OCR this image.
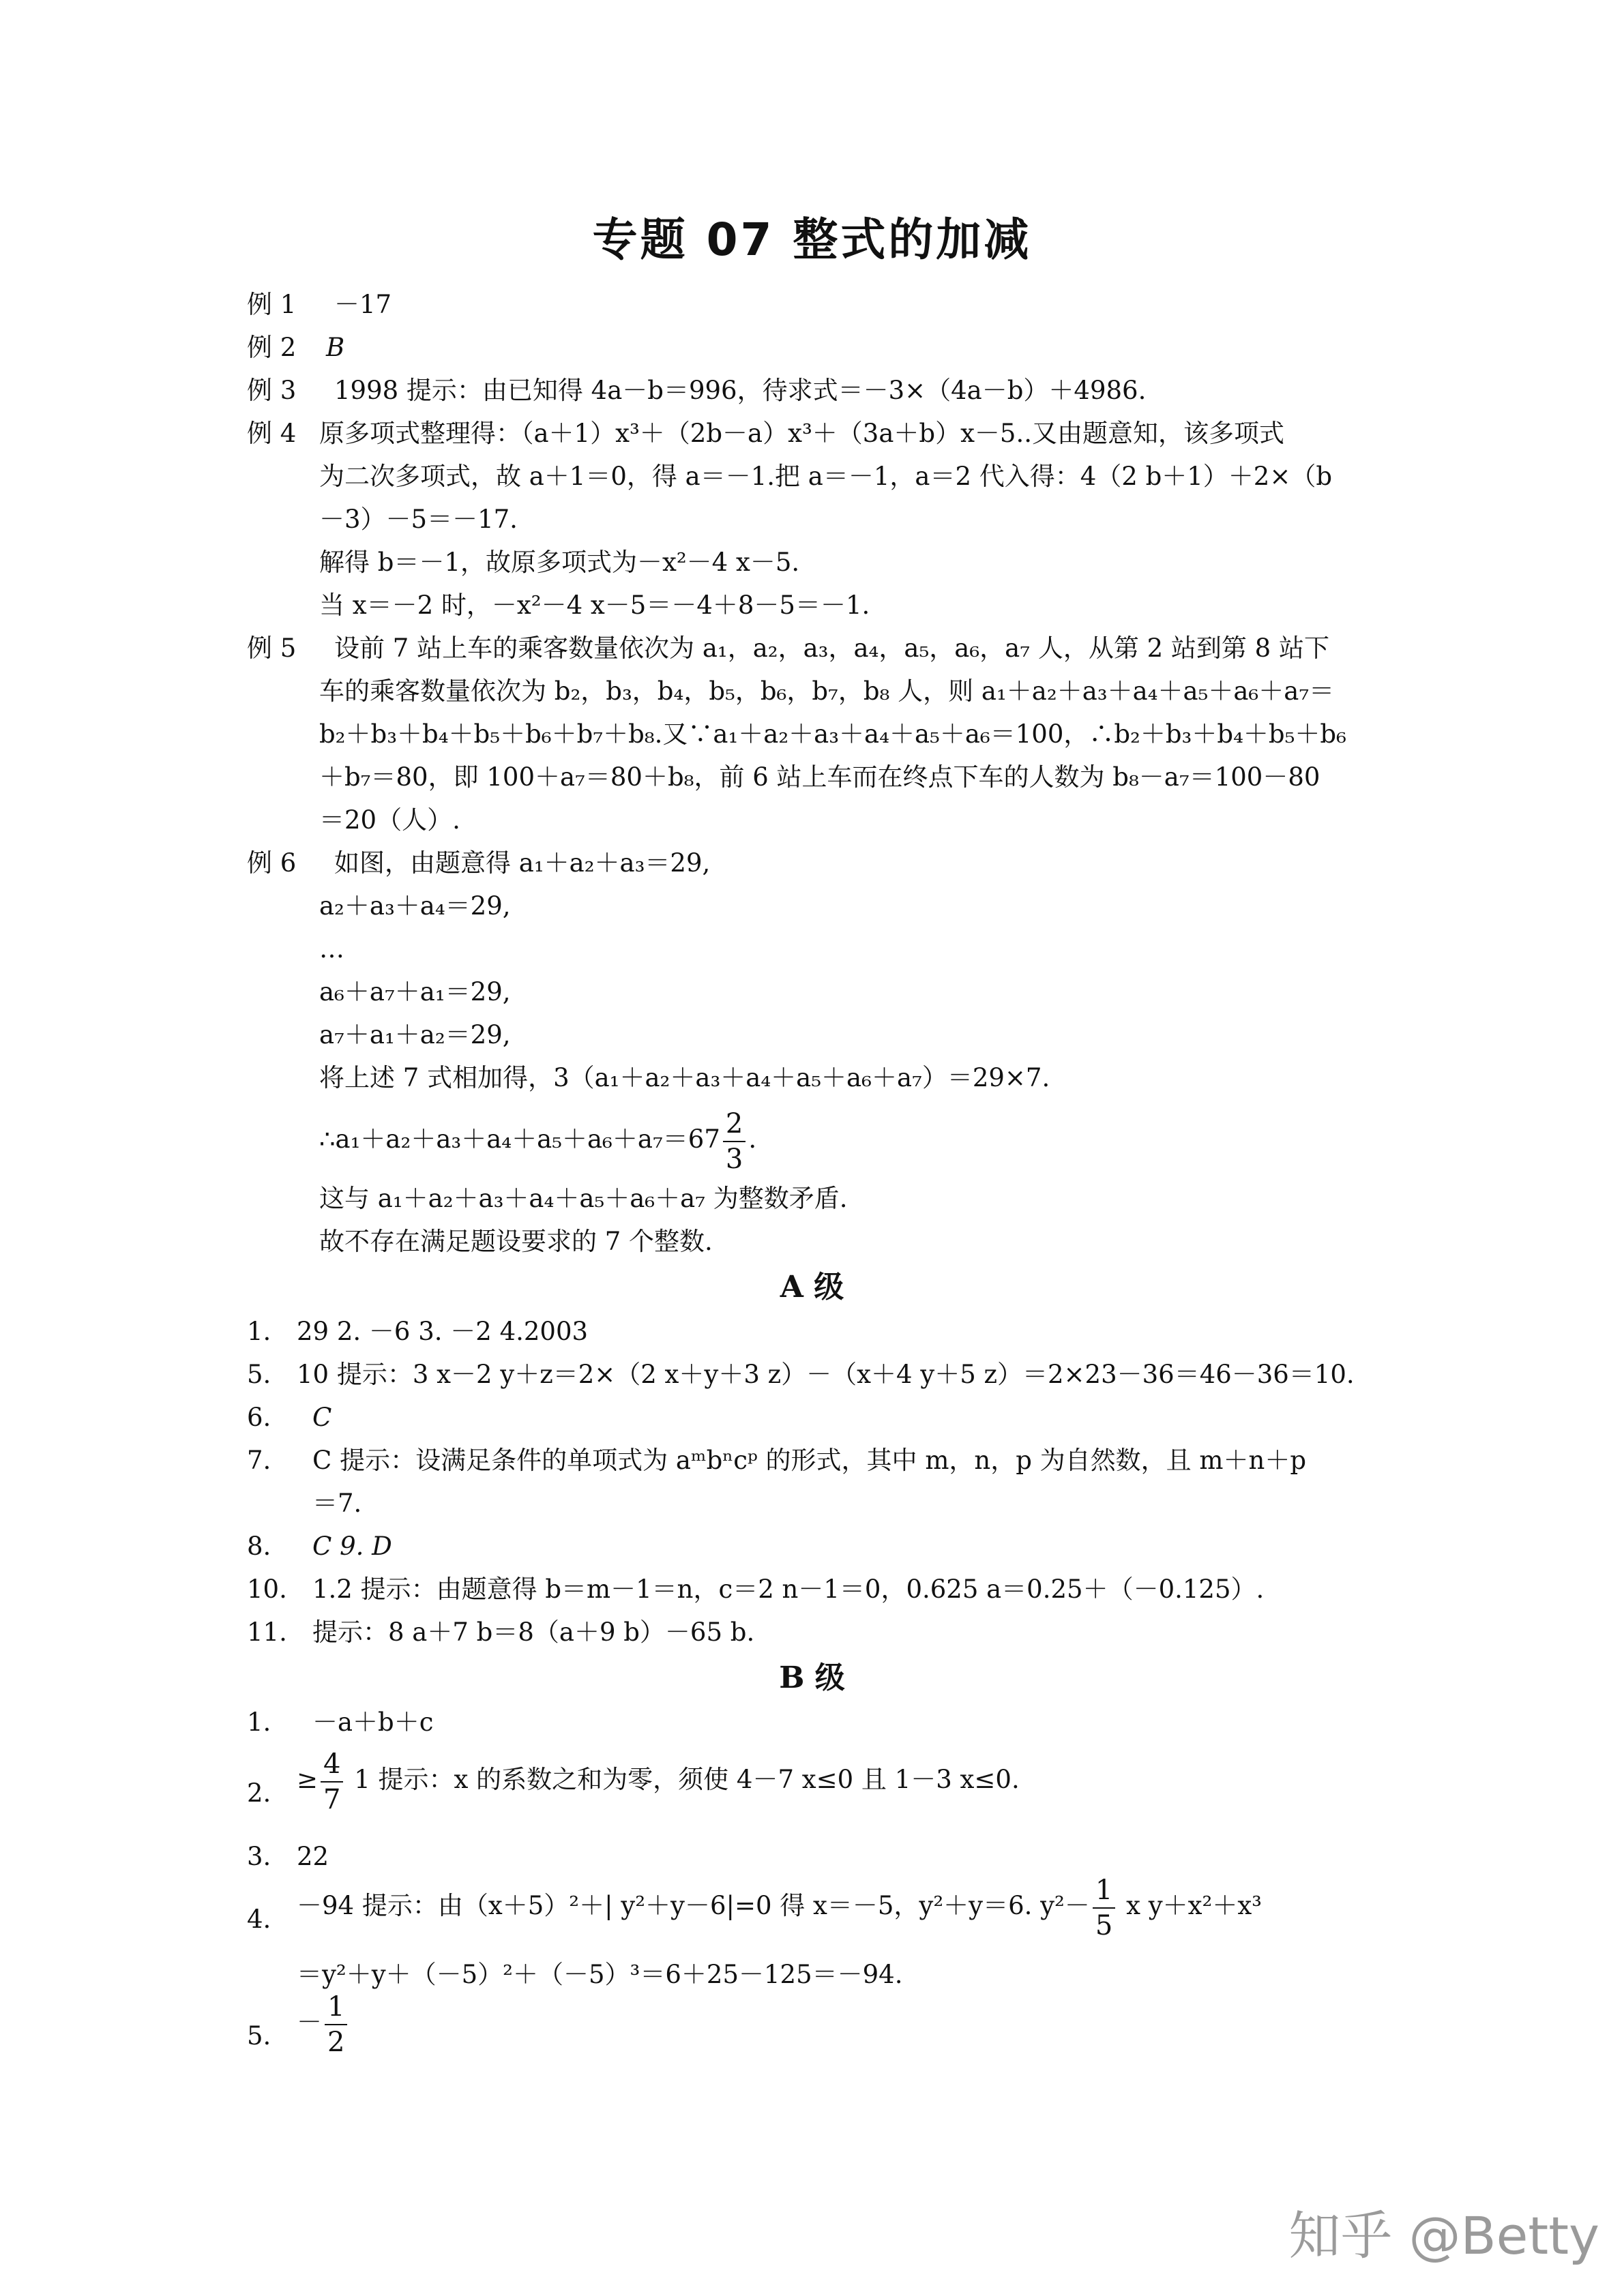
专题 07 整式的加减
例 1 －17
例 2 B
例 3 1998 提示：由已知得 4a－b＝996，待求式＝－3×（4a－b）＋4986.
例 4 原多项式整理得：（a＋1）x³＋（2b－a）x³＋（3a＋b）x－5..又由题意知，该多项式
为二次多项式，故 a＋1＝0，得 a＝－1.把 a＝－1，a＝2 代入得：4（2 b＋1）＋2×（b
－3）－5＝－17.
解得 b＝－1，故原多项式为－x²－4 x－5.
当 x＝－2 时，－x²－4 x－5＝－4＋8－5＝－1.
例 5 设前 7 站上车的乘客数量依次为 a₁，a₂，a₃，a₄，a₅，a₆，a₇ 人，从第 2 站到第 8 站下
车的乘客数量依次为 b₂，b₃，b₄，b₅，b₆，b₇，b₈ 人，则 a₁＋a₂＋a₃＋a₄＋a₅＋a₆＋a₇＝
b₂＋b₃＋b₄＋b₅＋b₆＋b₇＋b₈.又∵a₁＋a₂＋a₃＋a₄＋a₅＋a₆＝100，∴b₂＋b₃＋b₄＋b₅＋b₆
＋b₇＝80，即 100＋a₇＝80＋b₈，前 6 站上车而在终点下车的人数为 b₈－a₇＝100－80
＝20（人）.
例 6 如图，由题意得 a₁＋a₂＋a₃＝29,
a₂＋a₃＋a₄＝29,
…
a₆＋a₇＋a₁＝29,
a₇＋a₁＋a₂＝29,
将上述 7 式相加得，3（a₁＋a₂＋a₃＋a₄＋a₅＋a₆＋a₇）＝29×7.
∴a₁＋a₂＋a₃＋a₄＋a₅＋a₆＋a₇＝67 $\frac{2}{3}$ .
这与 a₁＋a₂＋a₃＋a₄＋a₅＋a₆＋a₇ 为整数矛盾.
故不存在满足题设要求的 7 个整数.
A 级
1. 29 2. －6 3. －2 4.2003
5. 10 提示：3 x－2 y＋z＝2×（2 x＋y＋3 z）－（x＋4 y＋5 z）＝2×23－36＝46－36＝10.
6. C
7. C 提示：设满足条件的单项式为 aᵐbⁿcᵖ 的形式，其中 m，n，p 为自然数，且 m＋n＋p
＝7.
8. C 9. D
10. 1.2 提示：由题意得 b＝m－1＝n，c＝2 n－1＝0，0.625 a＝0.25＋（－0.125）.
11. 提示：8 a＋7 b＝8（a＋9 b）－65 b.
B 级
1. －a＋b＋c
2. ≥ $\frac{4}{7} 1$ 提示：x 的系数之和为零，须使 4－7 x≤0 且 1－3 x≤0.
3. 22
4. －94 提示：由（x＋5）²＋| y²＋y－6|=0 得 x＝－5，y²＋y＝6. $y^2- \frac{1}{5}$ x y＋x²＋x³
＝y²＋y＋（－5）²＋（－5）³＝6＋25－125＝－94.
5. － $\frac{1}{2}$
知乎 @Betty
